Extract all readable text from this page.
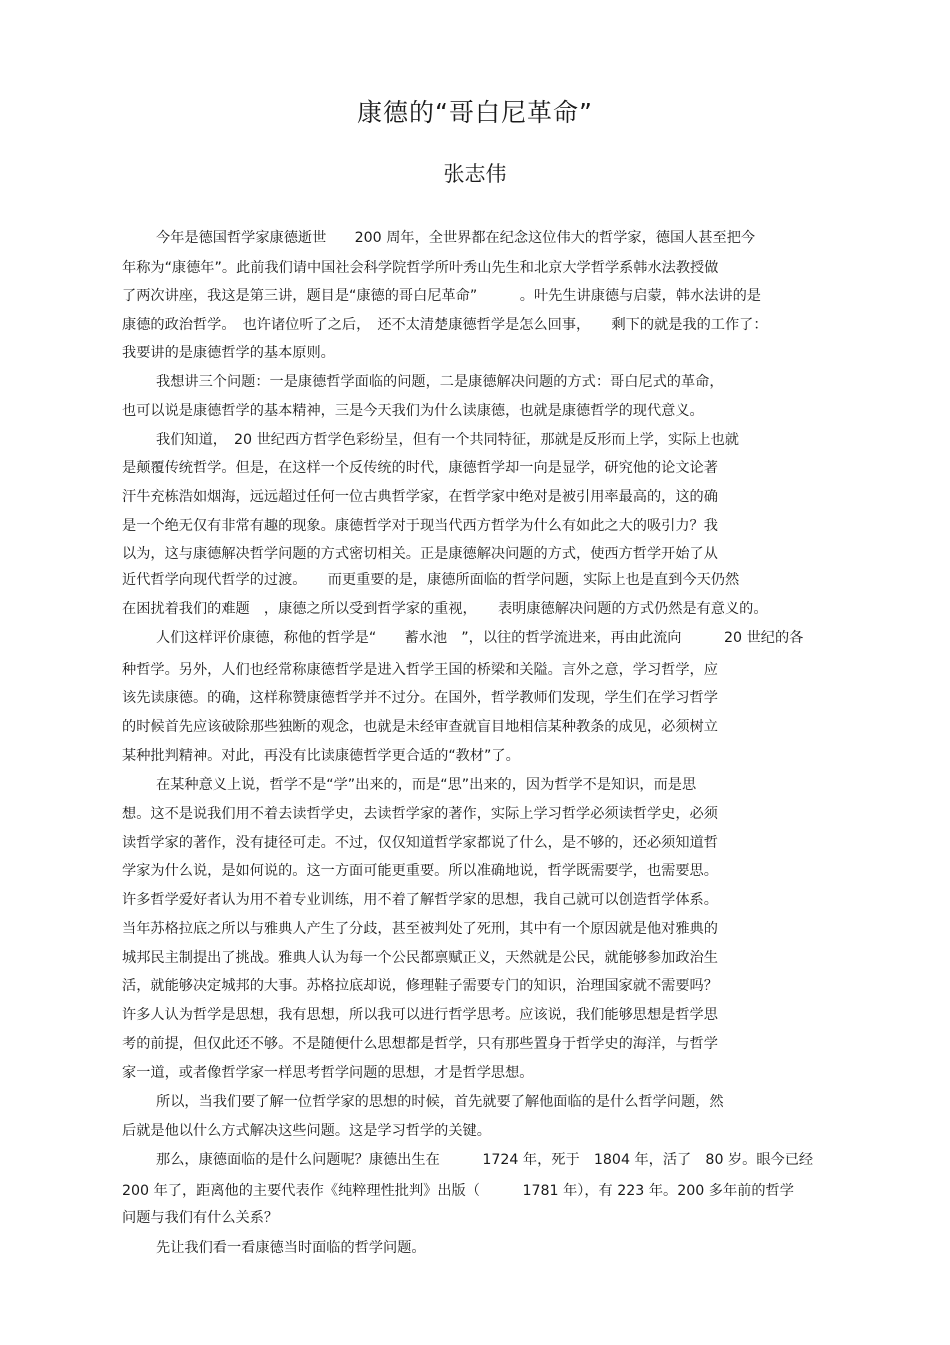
康德的“哥白尼革命”

张志伟

今年是德国哲学家康德逝世　　200 周年，全世界都在纪念这位伟大的哲学家，德国人甚至把今

年称为“康德年”。此前我们请中国社会科学院哲学所叶秀山先生和北京大学哲学系韩水法教授做

了两次讲座，我这是第三讲，题目是“康德的哥白尼革命”　　　。叶先生讲康德与启蒙，韩水法讲的是

康德的政治哲学。　也许诸位听了之后，　还不太清楚康德哲学是怎么回事，　　剩下的就是我的工作了：

我要讲的是康德哲学的基本原则。

我想讲三个问题：一是康德哲学面临的问题，二是康德解决问题的方式：哥白尼式的革命，

也可以说是康德哲学的基本精神，三是今天我们为什么读康德，也就是康德哲学的现代意义。

我们知道，　20 世纪西方哲学色彩纷呈，但有一个共同特征，那就是反形而上学，实际上也就

是颠覆传统哲学。但是，在这样一个反传统的时代，康德哲学却一向是显学，研究他的论文论著

汗牛充栋浩如烟海，远远超过任何一位古典哲学家，在哲学家中绝对是被引用率最高的，这的确

是一个绝无仅有非常有趣的现象。康德哲学对于现当代西方哲学为什么有如此之大的吸引力？我

以为，这与康德解决哲学问题的方式密切相关。正是康德解决问题的方式，使西方哲学开始了从

近代哲学向现代哲学的过渡。　　而更重要的是，康德所面临的哲学问题，实际上也是直到今天仍然

在困扰着我们的难题　，康德之所以受到哲学家的重视，　　表明康德解决问题的方式仍然是有意义的。

人们这样评价康德，称他的哲学是“　　蓄水池　”，以往的哲学流进来，再由此流向　　　20 世纪的各

种哲学。另外，人们也经常称康德哲学是进入哲学王国的桥梁和关隘。言外之意，学习哲学，应

该先读康德。的确，这样称赞康德哲学并不过分。在国外，哲学教师们发现，学生们在学习哲学

的时候首先应该破除那些独断的观念，也就是未经审查就盲目地相信某种教条的成见，必须树立

某种批判精神。对此，再没有比读康德哲学更合适的“教材”了。

在某种意义上说，哲学不是“学”出来的，而是“思”出来的，因为哲学不是知识，而是思

想。这不是说我们用不着去读哲学史，去读哲学家的著作，实际上学习哲学必须读哲学史，必须

读哲学家的著作，没有捷径可走。不过，仅仅知道哲学家都说了什么，是不够的，还必须知道哲

学家为什么说，是如何说的。这一方面可能更重要。所以准确地说，哲学既需要学，也需要思。

许多哲学爱好者认为用不着专业训练，用不着了解哲学家的思想，我自己就可以创造哲学体系。

当年苏格拉底之所以与雅典人产生了分歧，甚至被判处了死刑，其中有一个原因就是他对雅典的

城邦民主制提出了挑战。雅典人认为每一个公民都禀赋正义，天然就是公民，就能够参加政治生

活，就能够决定城邦的大事。苏格拉底却说，修理鞋子需要专门的知识，治理国家就不需要吗？

许多人认为哲学是思想，我有思想，所以我可以进行哲学思考。应该说，我们能够思想是哲学思

考的前提，但仅此还不够。不是随便什么思想都是哲学，只有那些置身于哲学史的海洋，与哲学

家一道，或者像哲学家一样思考哲学问题的思想，才是哲学思想。

所以，当我们要了解一位哲学家的思想的时候，首先就要了解他面临的是什么哲学问题，然

后就是他以什么方式解决这些问题。这是学习哲学的关键。

那么，康德面临的是什么问题呢？康德出生在　　　1724 年，死于　1804 年，活了　80 岁。眼今已经

200 年了，距离他的主要代表作《纯粹理性批判》出版（　　　1781 年），有 223 年。200 多年前的哲学

问题与我们有什么关系？

先让我们看一看康德当时面临的哲学问题。
